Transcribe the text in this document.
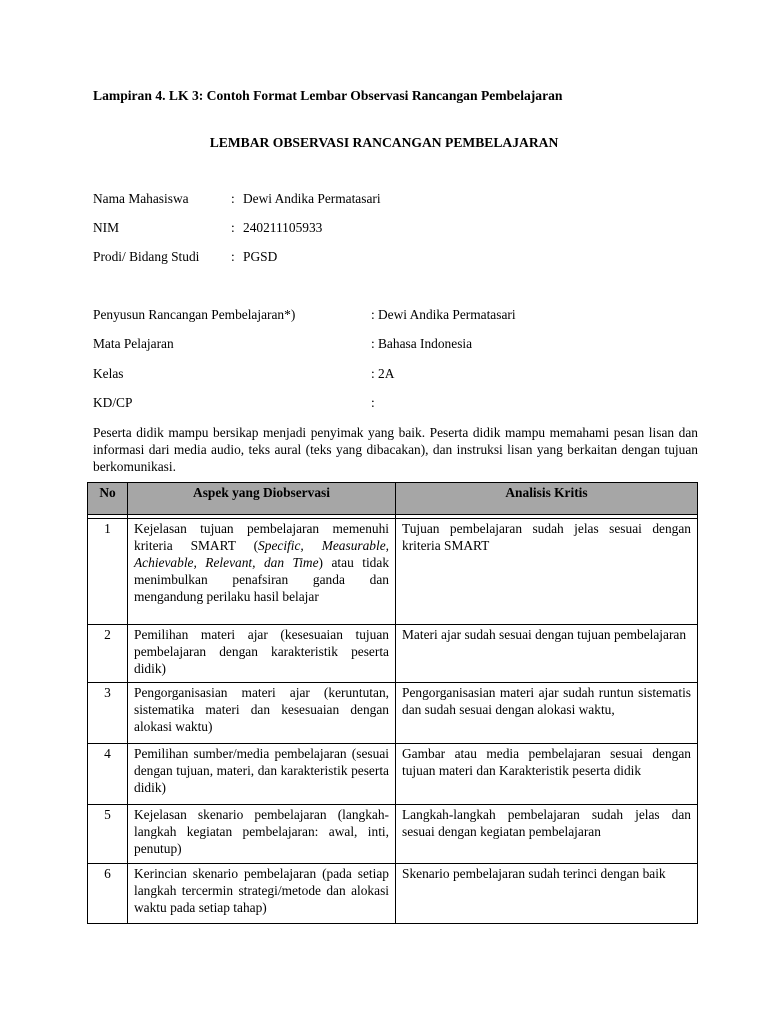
Lampiran 4. LK 3: Contoh Format Lembar Observasi Rancangan Pembelajaran
LEMBAR OBSERVASI RANCANGAN PEMBELAJARAN
Nama Mahasiswa	: Dewi Andika Permatasari
NIM	: 240211105933
Prodi/ Bidang Studi : PGSD
Penyusun Rancangan Pembelajaran*)	: Dewi Andika Permatasari
Mata Pelajaran	: Bahasa Indonesia
Kelas	: 2A
KD/CP	:
Peserta didik mampu bersikap menjadi penyimak yang baik. Peserta didik mampu memahami pesan lisan dan informasi dari media audio, teks aural (teks yang dibacakan), dan instruksi lisan yang berkaitan dengan tujuan berkomunikasi.
No	Aspek yang Diobservasi	Analisis Kritis

1	Kejelasan tujuan pembelajaran memenuhi kriteria SMART (Specific, Measurable, Achievable, Relevant, dan Time) atau tidak menimbulkan penafsiran ganda dan mengandung perilaku hasil belajar	Tujuan pembelajaran sudah jelas sesuai dengan kriteria SMART
2	Pemilihan materi ajar (kesesuaian tujuan pembelajaran dengan karakteristik peserta didik)	Materi ajar sudah sesuai dengan tujuan pembelajaran
3	Pengorganisasian materi ajar (keruntutan, sistematika materi dan kesesuaian dengan alokasi waktu)	Pengorganisasian materi ajar sudah runtun sistematis dan sudah sesuai dengan alokasi waktu,
4	Pemilihan sumber/media pembelajaran (sesuai dengan tujuan, materi, dan karakteristik peserta didik)	Gambar atau media pembelajaran sesuai dengan tujuan materi dan Karakteristik peserta didik
5	Kejelasan skenario pembelajaran (langkah-langkah kegiatan pembelajaran: awal, inti, penutup)	Langkah-langkah pembelajaran sudah jelas dan sesuai dengan kegiatan pembelajaran
6	Kerincian skenario pembelajaran (pada setiap langkah tercermin strategi/metode dan alokasi waktu pada setiap tahap)	Skenario pembelajaran sudah terinci dengan baik
